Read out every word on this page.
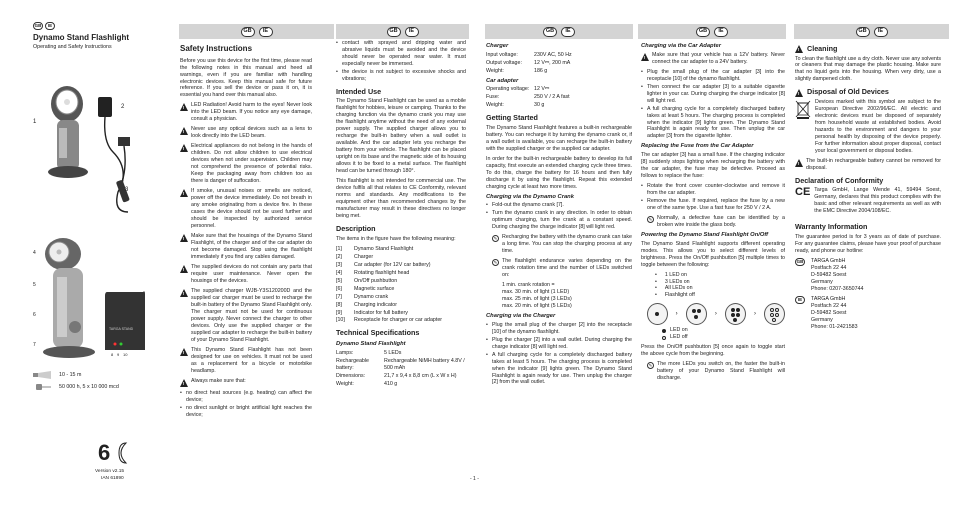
GB	IE
Dynamo Stand Flashlight
Operating and Safety Instructions
1
2
3
TARGA STAND
4
5
6
7
8 9 10
10 - 15 m
50 000 h, 5 x 10 000 mcd
6
Version v2.15
IAN 61890
GB	IE	GB	IE	GB	IE	GB	IE	GB	IE
Safety Instructions

Before you use this device for the first time, please read the following notes in this manual and heed all warnings, even if you are familiar with handling electronic devices. Keep this manual safe for future reference. If you sell the device or pass it on, it is essential you hand over this manual also.

!
LED Radiation! Avoid harm to the eyes! Never look into the LED beam. If you notice any eye damage, consult a physician.
!
Never use any optical devices such as a lens to look directly into the LED beam.
!
Electrical appliances do not belong in the hands of children. Do not allow children to use electrical devices when not under supervision. Children may not comprehend the presence of potential risks. Keep the packaging away from children too as there is danger of suffocation.
!
If smoke, unusual noises or smells are noticed, power off the device immediately. Do not breath in any smoke originating from a device fire. In these cases the device should not be used further and should be inspected by authorized service personnel.
!
Make sure that the housings of the Dynamo Stand Flashlight, of the charger and of the car adapter do not become damaged. Stop using the flashlight immediately if you find any cables damaged.
!
The supplied devices do not contain any parts that require user maintenance. Never open the housings of the devices.
!
The supplied charger WJB-Y3S120200D and the supplied car charger must be used to recharge the built-in battery of the Dynamo Stand Flashlight only. The charger must not be used for continuous power supply. Never connect the charger to other devices. Only use the supplied charger or the supplied car adapter to recharge the built-in battery of your Dynamo Stand Flashlight.
!
This Dynamo Stand Flashlight has not been designed for use on vehicles. It must not be used as a replacement for a bicycle or motorbike headlamp.
!
Always make sure that:
• no direct heat sources (e.g. heating) can affect the device;
• no direct sunlight or bright artificial light reaches the device;
• contact with sprayed and dripping water and abrasive liquids must be avoided and the device should never be operated near water. It must especially never be immersed.
• the device is not subject to excessive shocks and vibrations;
Intended Use

The Dynamo Stand Flashlight can be used as a mobile flashlight for hobbies, leisure or camping. Thanks to the charging function via the dynamo crank you may use the flashlight anytime without the need of any external power supply. The supplied charger allows you to recharge the built-in battery when a wall outlet is available. And the car adapter lets you recharge the battery from your vehicle. The flashlight can be placed upright on its base and the magnetic side of its housing allows it to be fixed to a metal surface. The flashlight head can be turned through 180°.

This flashlight is not intended for commercial use. The device fulfils all that relates to CE Conformity, relevant norms and standards. Any modifications to the equipment other than recommended changes by the manufacturer may result in these directives no longer being met.

Description

The items in the figure have the following meaning:

[1]	Dynamo Stand Flashlight
[2]	Charger
[3]	Car adapter (for 12V car battery)
[4]	Rotating flashlight head
[5]	On/Off pushbutton
[6]	Magnetic surface
[7]	Dynamo crank
[8]	Charging indicator
[9]	Indicator for full battery
[10]	Receptacle for charger or car adapter
Technical Specifications
Dynamo Stand Flashlight
Lamps:	5 LEDs
Rechargeable battery:
Rechargeable NiMH battery 4.8V / 500 mAh
Dimensions:	21,7 x 9,4 x 8,8 cm (L x W x H)
Weight:	410 g
Charger
Input voltage:	230V AC, 50 Hz
Output voltage:	12 V⎓, 200 mA
Weight:	186 g
Car adapter
Operating voltage: 12 V⎓
Fuse:	250 V / 2 A fast
Weight:	30 g
Getting Started

The Dynamo Stand Flashlight features a built-in rechargeable battery. You can recharge it by turning the dynamo crank or, if a wall outlet is available, you can recharge the built-in battery with the supplied charger or the supplied car adapter.

In order for the built-in rechargeable battery to develop its full capacity, first execute an extended charging cycle three times. To do this, charge the battery for 16 hours and then fully discharge it by using the flashlight. Repeat this extended charging cycle at least two more times.

Charging via the Dynamo Crank
• Fold-out the dynamo crank [7].
• Turn the dynamo crank in any direction. In order to obtain optimum charging, turn the crank at a constant speed. During charging the charge indicator [8] will light red.
✎ Recharging the battery with the dynamo crank can take a long time. You can stop the charging process at any time.
✎ The flashlight endurance varies depending on the crank rotation time and the number of LEDs switched on:
1 min. crank rotation =
max. 30 min. of light (1 LED)
max. 25 min. of light (3 LEDs)
max. 20 min. of light (5 LEDs)
Charging via the Charger
• Plug the small plug of the charger [2] into the receptacle [10] of the dynamo flashlight.
• Plug the charger [2] into a wall outlet. During charging the charge indicator [8] will light red.
• A full charging cycle for a completely discharged battery takes at least 5 hours. The charging process is completed when the indicator [9] lights green. The Dynamo Stand Flashlight is again ready for use. Then unplug the charger [2] from the wall outlet.
Charging via the Car Adapter
!
Make sure that your vehicle has a 12V battery. Never connect the car adapter to a 24V battery.
• Plug the small plug of the car adapter [3] into the receptacle [10] of the dynamo flashlight.
• Then connect the car adapter [3] to a suitable cigarette lighter in your car. During charging the charge indicator [8] will light red.
• A full charging cycle for a completely discharged battery takes at least 5 hours. The charging process is completed when the indicator [9] lights green. The Dynamo Stand Flashlight is again ready for use. Then unplug the car adapter [3] from the cigarette lighter.
Replacing the Fuse from the Car Adapter

The car adapter [3] has a small fuse. If the charging indicator [8] suddenly stops lighting when recharging the battery with the car adapter, the fuse may be defective. Proceed as follows to replace the fuse:

• Rotate the front cover counter-clockwise and remove it from the car adapter.
• Remove the fuse. If required, replace the fuse by a new one of the same type. Use a fast fuse for 250 V / 2 A.
✎ Normally, a defective fuse can be identified by a broken wire inside the glass body.
Powering the Dynamo Stand Flashlight On/Off

The Dynamo Stand Flashlight supports different operating modes. This allows you to select different levels of brightness. Press the On/Off pushbutton [5] multiple times to toggle between the following:

• 1 LED on
• 3 LEDs on
• All LEDs on
• Flashlight off
›	›	›
LED on
LED off

Press the On/Off pushbutton [5] once again to toggle start the above cycle from the beginning.

✎ The more LEDs you switch on, the faster the built-in battery of your Dynamo Stand Flashlight will discharge.
- 1 -
!
Cleaning

To clean the flashlight use a dry cloth. Never use any solvents or cleaners that may damage the plastic housing. Make sure that no liquid gets into the housing. When very dirty, use a slightly dampened cloth.

!
Disposal of Old Devices

Devices marked with this symbol are subject to the European Directive 2002/96/EC. All electric and electronic devices must be disposed of separately from household waste at established bodies. Avoid hazards to the environment and dangers to your personal health by disposing of the device properly. For further information about proper disposal, contact your local government or disposal bodies.

!
The built-in rechargeable battery cannot be removed for disposal.
Declaration of Conformity
CE Targa GmbH, Lange Wende 41, 59494 Soest, Germany, declares that this product complies with the basic and other relevant requirements as well as with the EMC Directive 2004/108/EC.

Warranty Information

The guarantee period is for 3 years as of date of purchase. For any guarantee claims, please have your proof of purchase ready, and phone our hotline:

GB	TARGA GmbH
Postfach 22 44
D-59482 Soest
Germany
Phone: 0207-3650744
IE	TARGA GmbH
Postfach 22 44
D-59482 Soest
Germany
Phone: 01-2421583
